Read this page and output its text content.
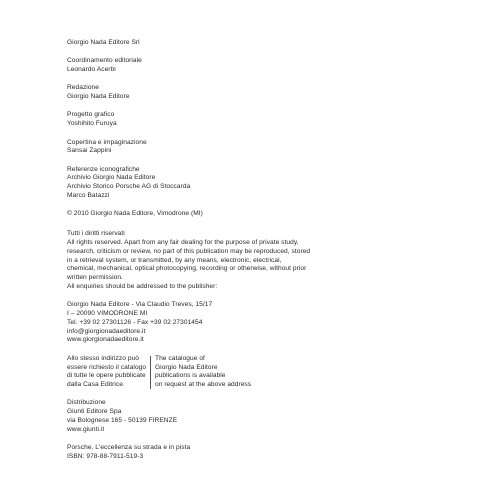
Giorgio Nada Editore Srl
Coordinamento editoriale
Leonardo Acerbi
Redazione
Giorgio Nada Editore
Progetto grafico
Yoshihito Furuya
Copertina e impaginazione
Sansai Zappini
Referenze iconografiche
Archivio Giorgio Nada Editore
Archivio Storico Porsche AG di Stoccarda
Marco Batazzi
© 2010 Giorgio Nada Editore, Vimodrone (MI)
Tutti i diritti riservati
All rights reserved. Apart from any fair dealing for the purpose of private study,
research, criticism or review, no part of this publication may be reproduced, stored
in a retrieval system, or transmitted, by any means, electronic, electrical,
chemical, mechanical, optical photocopying, recording or otherwise, without prior
written permission.
All enquiries should be addressed to the publisher:
Giorgio Nada Editore - Via Claudio Treves, 15/17
I – 20090 VIMODRONE MI
Tel. +39 02 27301126 - Fax +39 02 27301454
info@giorgionadaeditore.it
www.giorgionadaeditore.it
Allo stesso indirizzo può
essere richiesto il catalogo
di tutte le opere pubblicate
dalla Casa Editrice.
The catalogue of
Giorgio Nada Editore
publications is available
on request at the above address
Distribuzione
Giunti Editore Spa
via Bolognese 165 - 50139 FIRENZE
www.giunti.it
Porsche. L'eccellenza su strada e in pista
ISBN: 978-88-7911-519-3
